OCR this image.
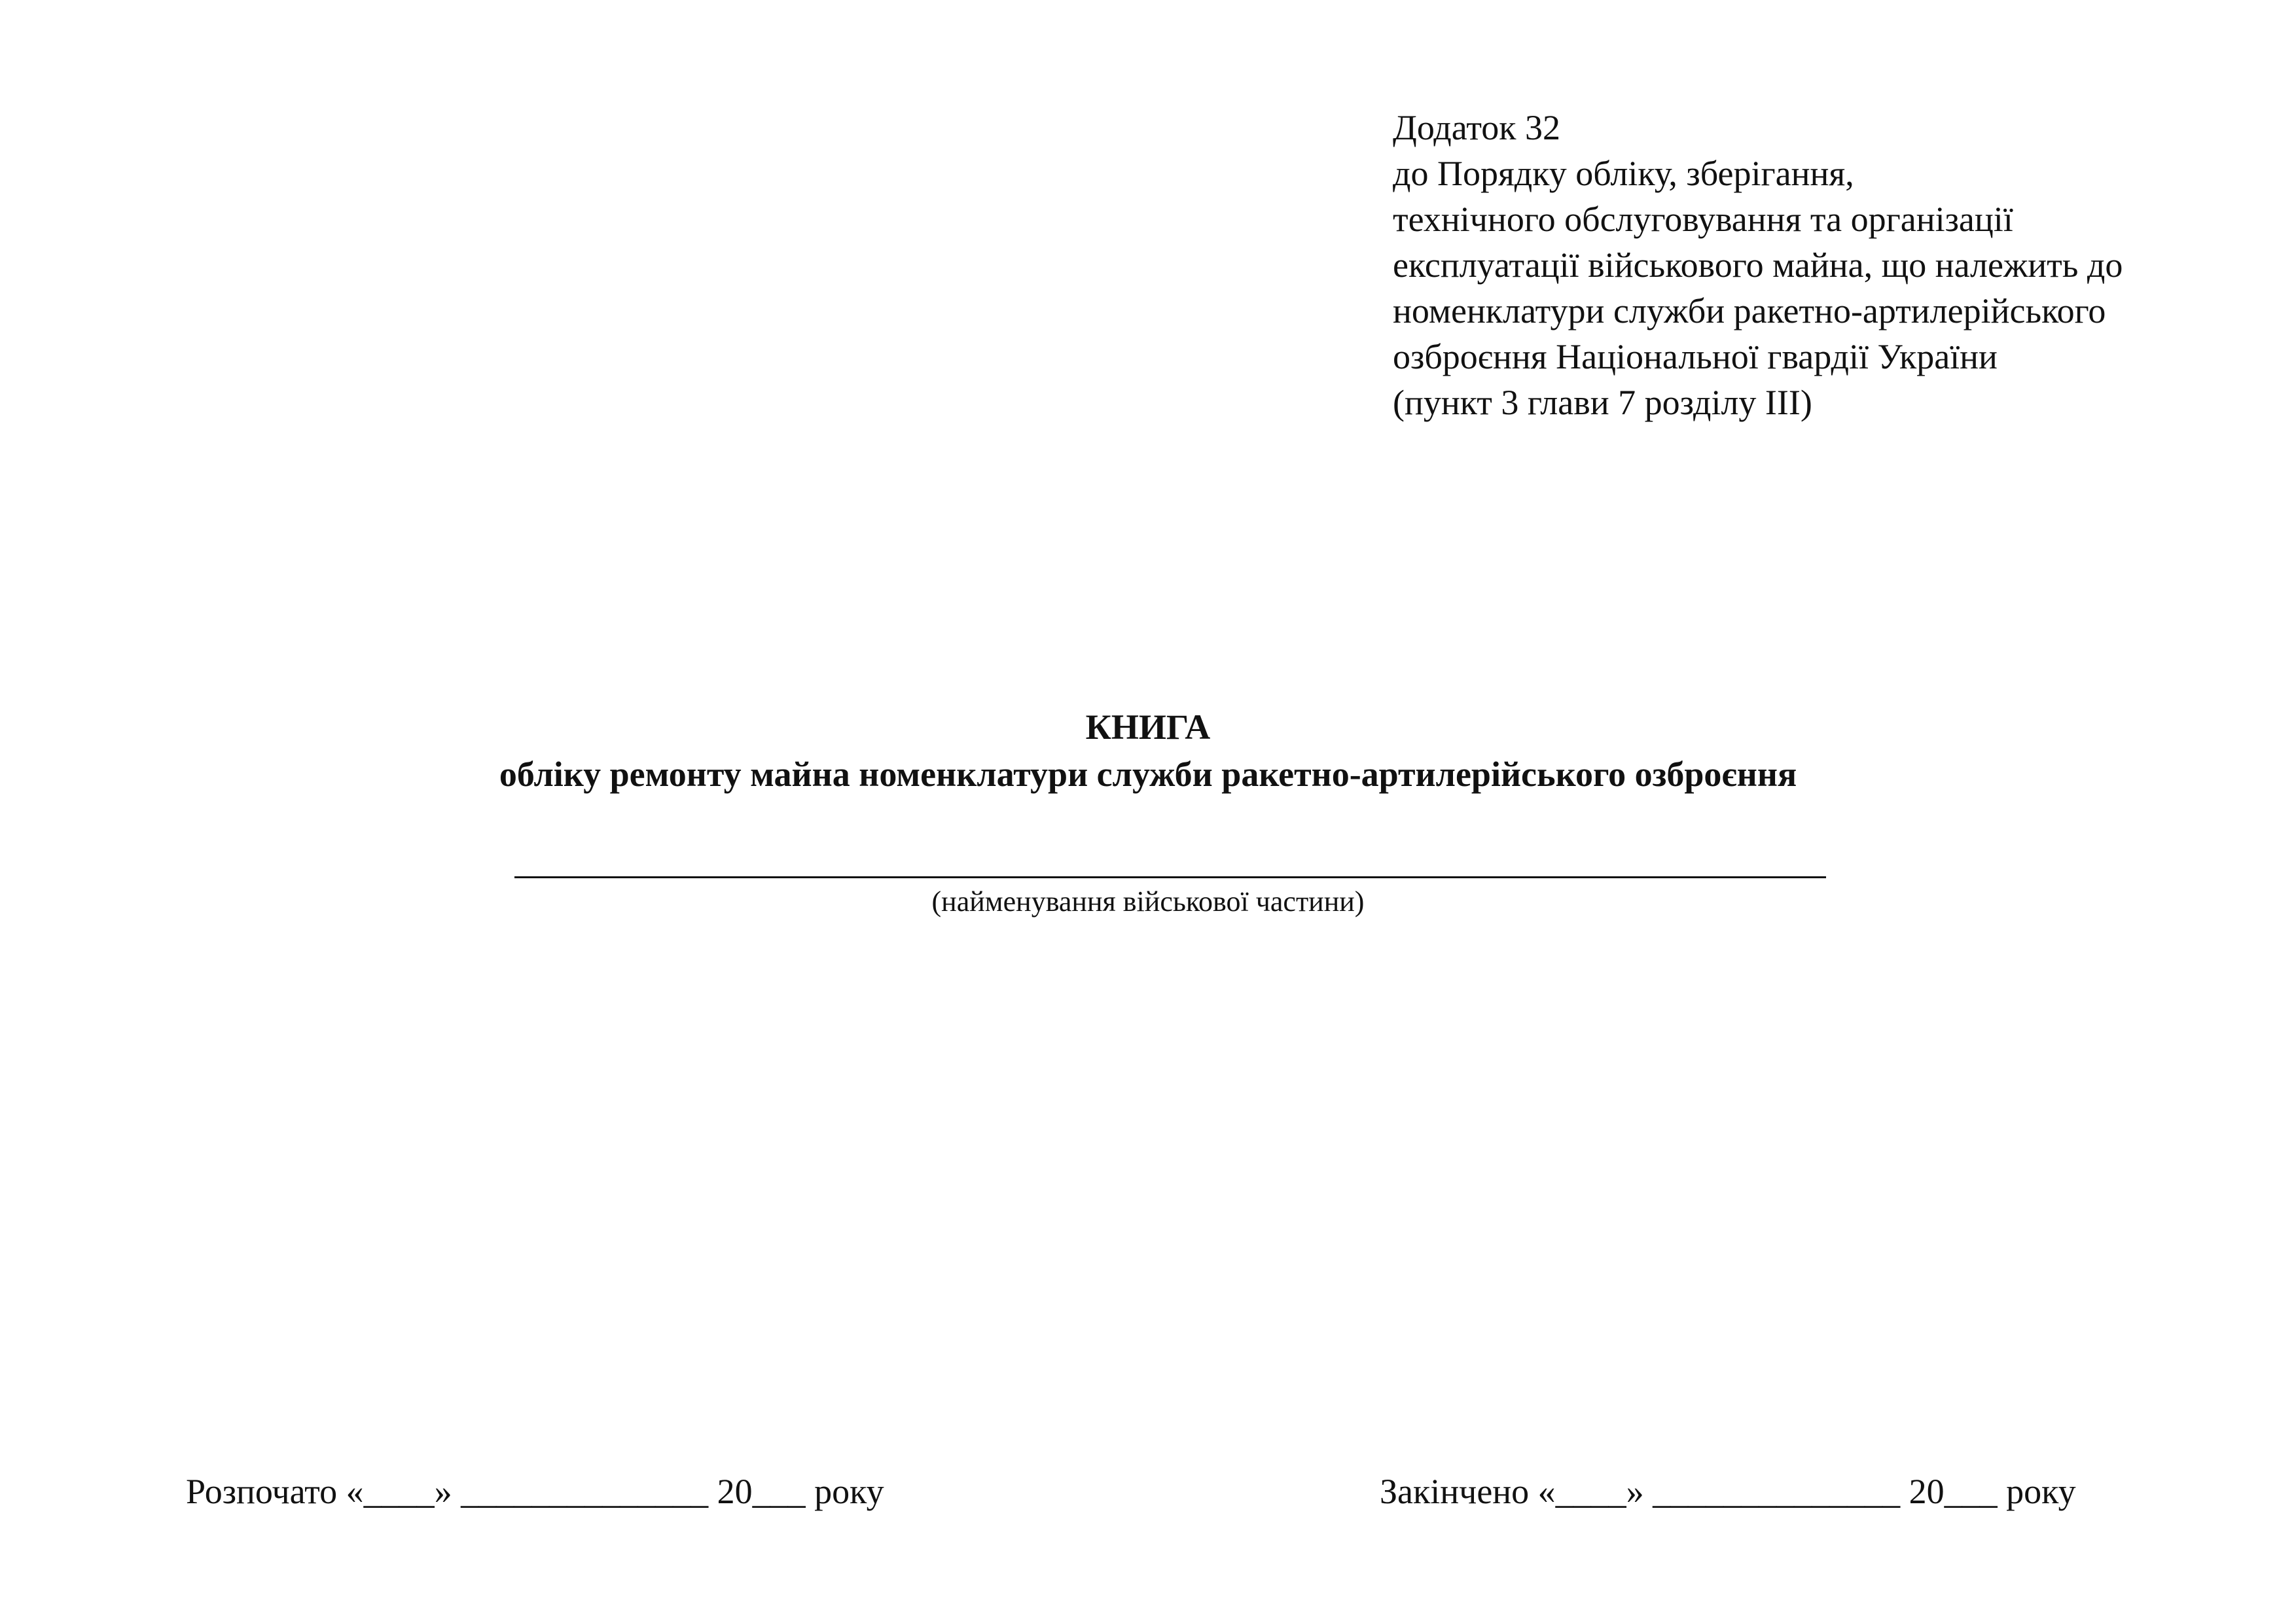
Додаток 32
до Порядку обліку, зберігання,
технічного обслуговування та організації
експлуатації військового майна, що належить до
номенклатури служби ракетно-артилерійського
озброєння Національної гвардії України
(пункт 3 глави 7 розділу ІІІ)
КНИГА
обліку ремонту майна номенклатури служби ракетно-артилерійського озброєння
(найменування військової частини)
Розпочато «____» ______________ 20___ року	Закінчено «____» ______________ 20___ року
